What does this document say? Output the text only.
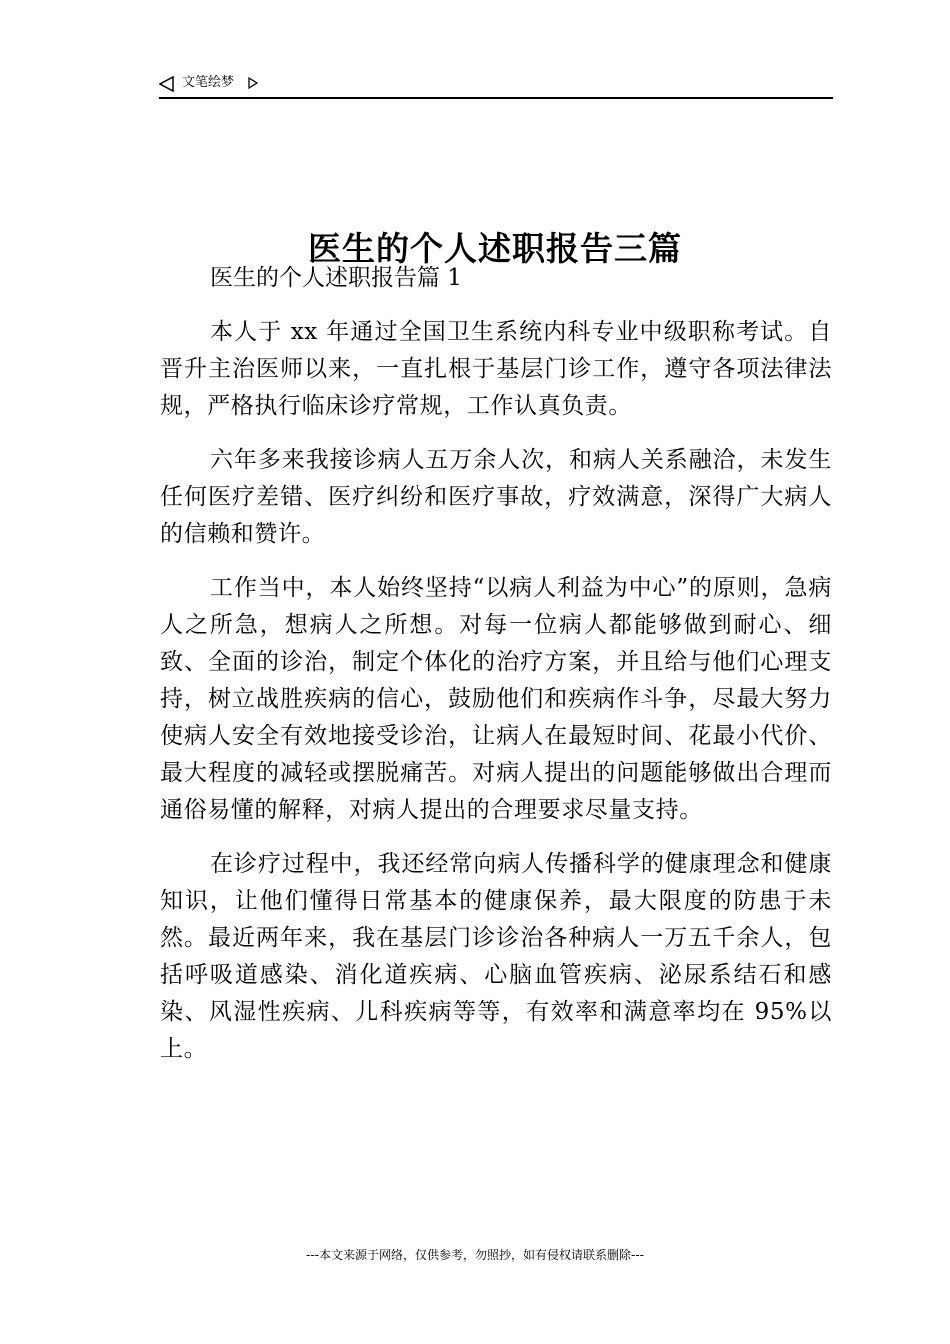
文笔绘梦
医生的个人述职报告三篇

医生的个人述职报告篇 1

本人于 xx 年通过全国卫生系统内科专业中级职称考试。自晋升主治医师以来，一直扎根于基层门诊工作，遵守各项法律法规，严格执行临床诊疗常规，工作认真负责。

六年多来我接诊病人五万余人次，和病人关系融洽，未发生任何医疗差错、医疗纠纷和医疗事故，疗效满意，深得广大病人的信赖和赞许。

工作当中，本人始终坚持“以病人利益为中心”的原则，急病人之所急，想病人之所想。对每一位病人都能够做到耐心、细致、全面的诊治，制定个体化的治疗方案，并且给与他们心理支持，树立战胜疾病的信心，鼓励他们和疾病作斗争，尽最大努力使病人安全有效地接受诊治，让病人在最短时间、花最小代价、最大程度的减轻或摆脱痛苦。对病人提出的问题能够做出合理而通俗易懂的解释，对病人提出的合理要求尽量支持。

在诊疗过程中，我还经常向病人传播科学的健康理念和健康知识，让他们懂得日常基本的健康保养，最大限度的防患于未然。最近两年来，我在基层门诊诊治各种病人一万五千余人，包括呼吸道感染、消化道疾病、心脑血管疾病、泌尿系结石和感染、风湿性疾病、儿科疾病等等，有效率和满意率均在 95%以上。

---本文来源于网络，仅供参考，勿照抄，如有侵权请联系删除---
